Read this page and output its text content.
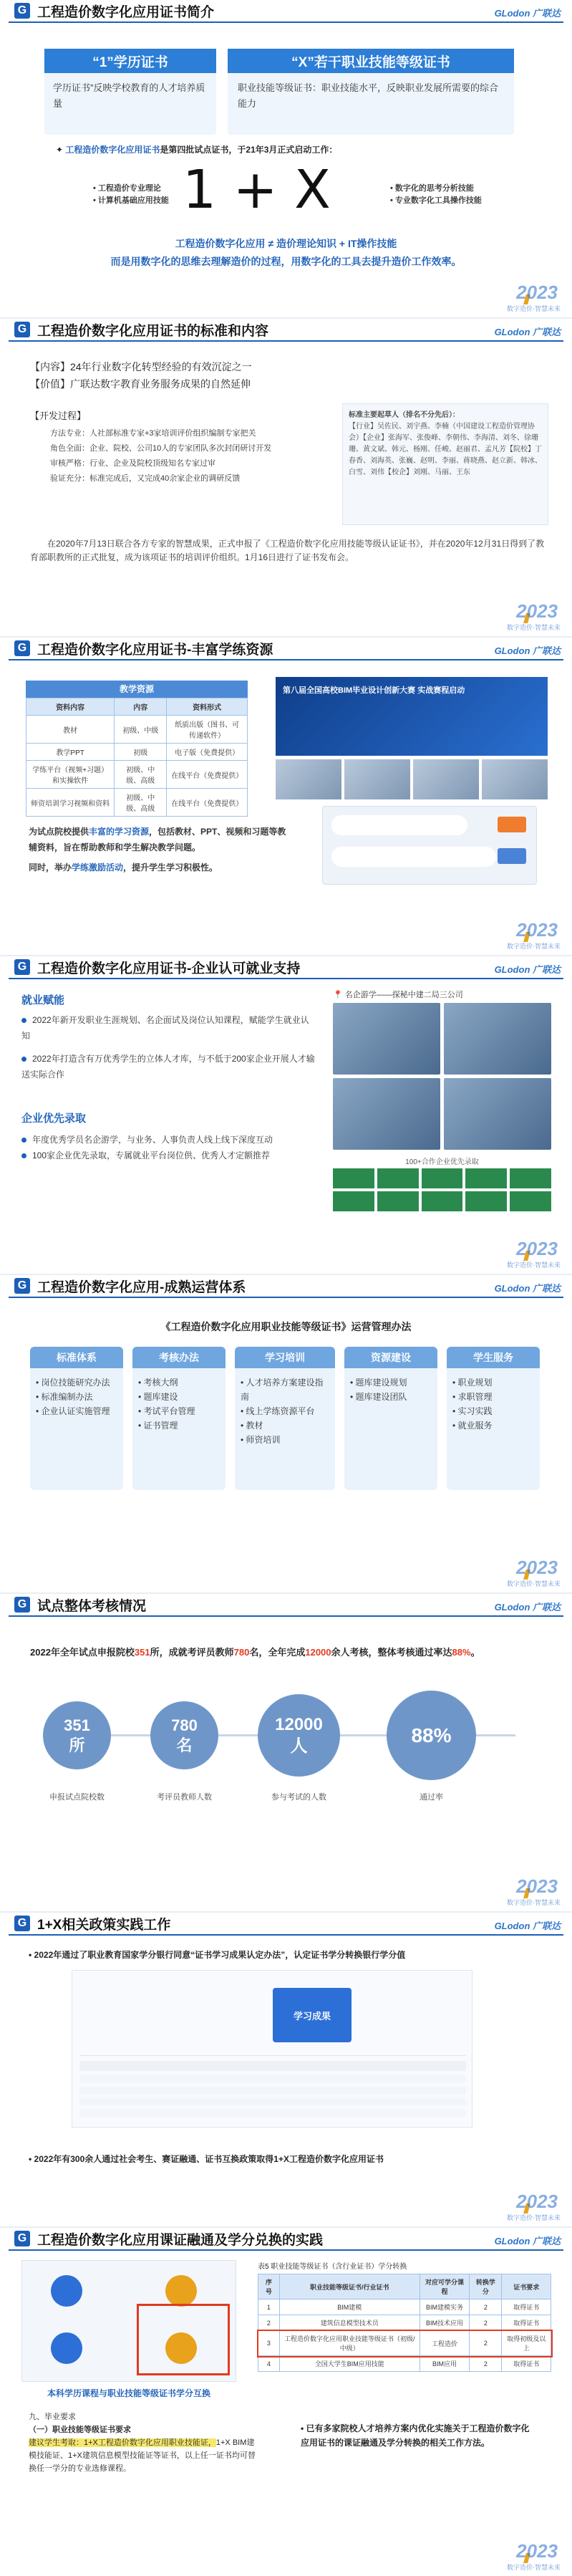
G 工程造价数字化应用证书简介	GLodon 广联达
“1”学历证书
学历证书”反映学校教育的人才培养质量
“X”若干职业技能等级证书
职业技能等级证书：职业技能水平，反映职业发展所需要的综合能力
✦ 工程造价数字化应用证书是第四批试点证书，于21年3月正式启动工作：
• 工程造价专业理论
• 计算机基础应用技能 1 + X	• 数字化的思考分析技能
• 专业数字化工具操作技能
工程造价数字化应用 ≠ 造价理论知识 + IT操作技能
而是用数字化的思维去理解造价的过程，用数字化的工具去提升造价工作效率。
2023
数字造价·智慧未来
G 工程造价数字化应用证书的标准和内容	GLodon 广联达
【内容】24年行业数字化转型经验的有效沉淀之一
【价值】广联达数字教育业务服务成果的自然延伸
【开发过程】
方法专业：人社部标准专家+3家培训评价组织编制专家把关
角色全面：企业、院校、公司10人的专家团队多次封闭研讨开发
审核严格：行业、企业及院校顶级知名专家过审
验证充分：标准完成后，又完成40余家企业的调研反馈
标准主要起草人（排名不分先后）：
【行业】吴佐民、刘宇燕、李楠（中国建设工程造价管理协会）【企业】张海军、张俊峰、李朝伟、李海清、刘冬、徐珊珊、黄文斌、韩元、杨刚、任峻、赵丽君、孟凡芳【院校】丁春香、刘海英、张巍、赵明、李丽、蒋晓燕、赵立新、韩冰、白雪、刘伟【校企】刘刚、马丽、王东
在2020年7月13日联合各方专家的智慧成果，正式申报了《工程造价数字化应用技能等级认证证书》，并在2020年12月31日得到了教育部职教所的正式批复，成为该项证书的培训评价组织。1月16日进行了证书发布会。
2023
数字造价·智慧未来
G 工程造价数字化应用证书-丰富学练资源	GLodon 广联达
教学资源
资料内容	内容	资料形式
教材	初级、中级	纸质出版（图书、可传递软件）
教学PPT	初级	电子版（免费提供）
学练平台（视频+习题）和实操软件	初级、中级、高级	在线平台（免费提供）
师资培训学习视频和资料	初级、中级、高级	在线平台（免费提供）
第八届全国高校BIM毕业设计创新大赛 实战赛程启动
为试点院校提供丰富的学习资源，包括教材、PPT、视频和习题等教辅资料，旨在帮助教师和学生解决教学问题。
同时，举办学练激励活动，提升学生学习积极性。
2023
数字造价·智慧未来
G 工程造价数字化应用证书-企业认可就业支持	GLodon 广联达
就业赋能
2022年新开发职业生涯规划、名企面试及岗位认知课程，赋能学生就业认知
2022年打造含有万优秀学生的立体人才库，与不低于200家企业开展人才输送实际合作
企业优先录取
年度优秀学员名企游学，与业务、人事负责人线上线下深度互动
100家企业优先录取，专属就业平台岗位供、优秀人才定额推荐
📍 名企游学——探秘中建二局三公司
100+合作企业优先录取
2023
数字造价·智慧未来
G 工程造价数字化应用-成熟运营体系	GLodon 广联达
《工程造价数字化应用职业技能等级证书》运营管理办法
标准体系
• 岗位技能研究办法
• 标准编制办法
• 企业认证实施管理
考核办法
• 考核大纲
• 题库建设
• 考试平台管理
• 证书管理
学习培训
• 人才培养方案建设指南
• 线上学练资源平台
• 教材
• 师资培训
资源建设
• 题库建设规划
• 题库建设团队
学生服务
• 职业规划
• 求职管理
• 实习实践
• 就业服务
2023
数字造价·智慧未来
G 试点整体考核情况	GLodon 广联达
2022年全年试点申报院校351所，成就考评员教师780名，全年完成12000余人考核，整体考核通过率达88%。
351
所
780
名
12000
人	88%
申报试点院校数	考评员教师人数	参与考试的人数	通过率
2023
数字造价·智慧未来
G 1+X相关政策实践工作	GLodon 广联达
• 2022年通过了职业教育国家学分银行同意“证书学习成果认定办法”，认定证书学分转换银行学分值
学习成果
• 2022年有300余人通过社会考生、赛证融通、证书互换政策取得1+X工程造价数字化应用证书
2023
数字造价·智慧未来
G 工程造价数字化应用课证融通及学分兑换的实践	GLodon 广联达
本科学历课程与职业技能等级证书学分互换
表5 职业技能等级证书（含行业证书）学分转换
序号	职业技能等级证书/行业证书	对应可学分课程	转换学分	证书要求
1	BIM建模	BIM建模实务	2	取得证书
2	建筑信息模型技术员	BIM技术应用	2	取得证书
3	工程造价数字化应用职业技能等级证书（初级/中级）	工程造价	2	取得初级及以上
4	全国大学生BIM应用技能	BIM应用	2	取得证书
九、毕业要求
（一）职业技能等级证书要求
建议学生考取：1+X工程造价数字化应用职业技能证，1+X BIM建模技能证、1+X建筑信息模型技能证等证书，以上任一证书均可替换任一学分的专业选修课程。
• 已有多家院校人才培养方案内优化实施关于工程造价数字化应用证书的课证融通及学分转换的相关工作方法。
2023
数字造价·智慧未来
